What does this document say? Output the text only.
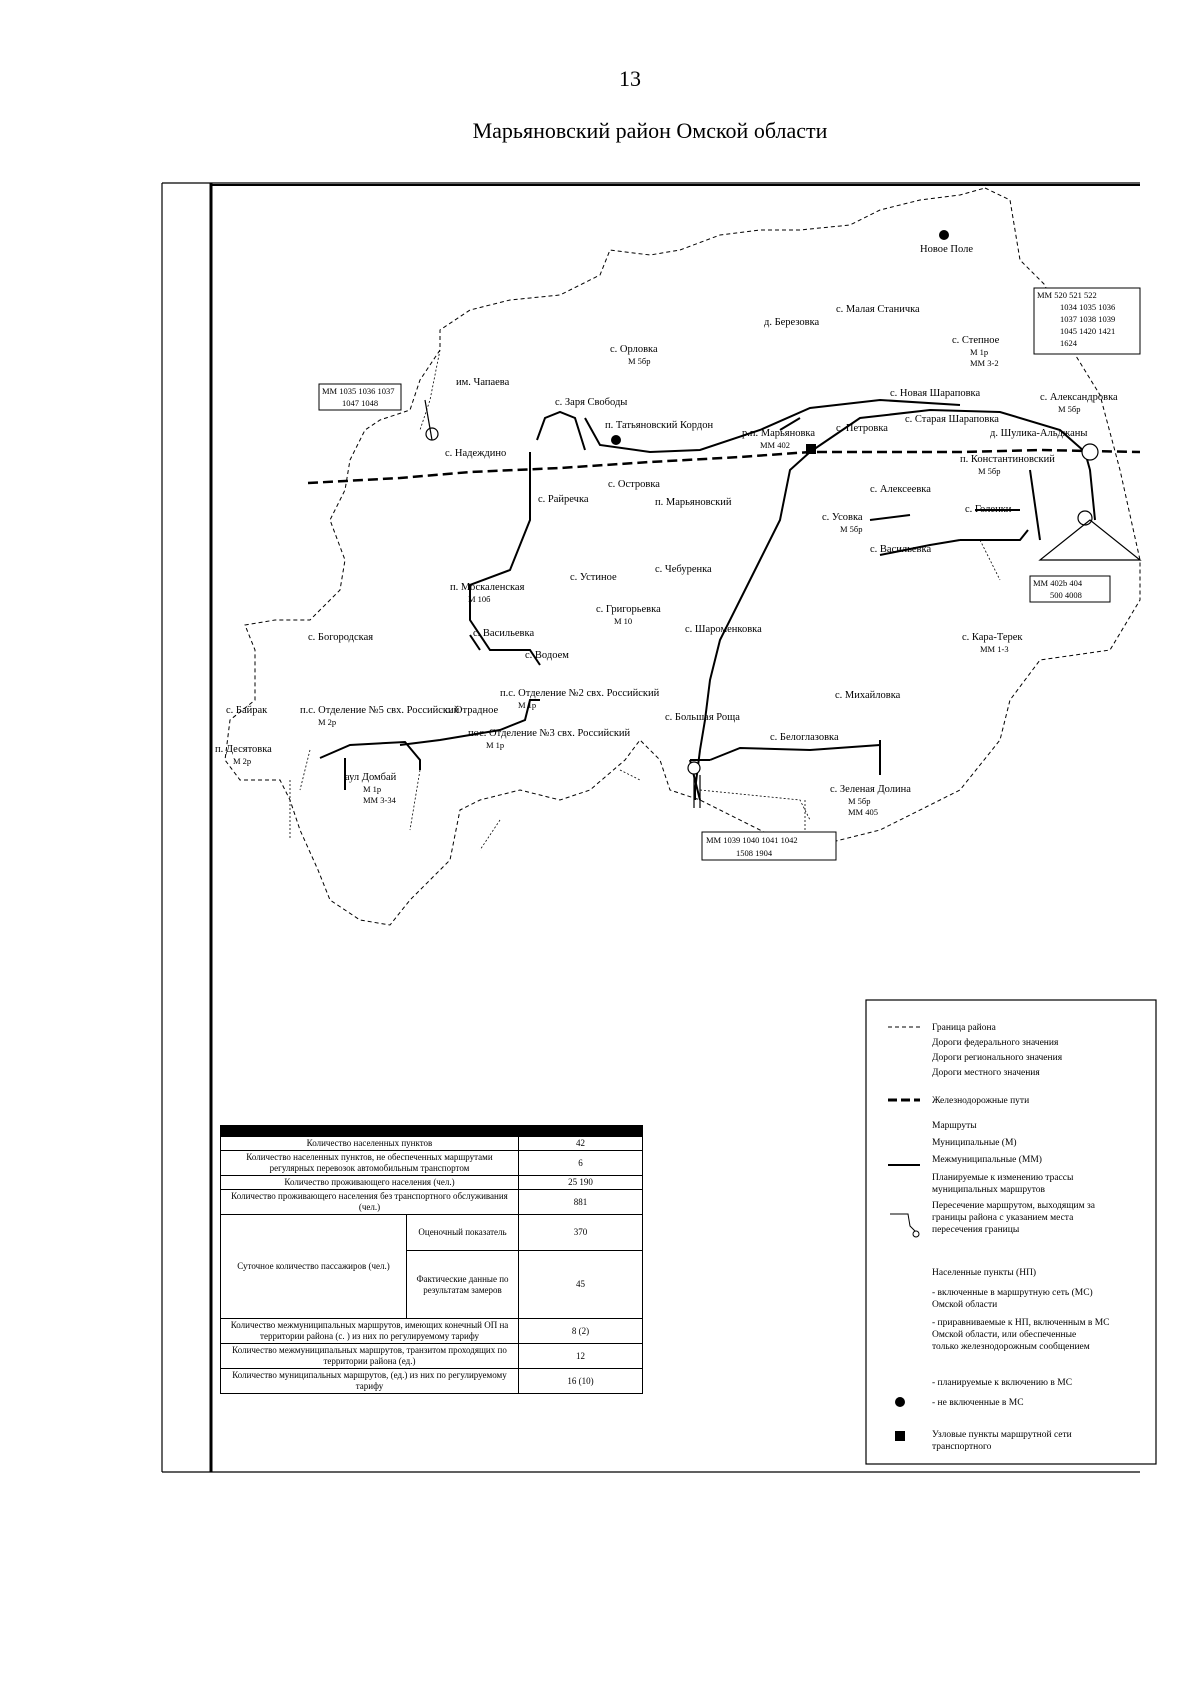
13
Марьяновский район Омской области
ММ 1035 1036 1037
1047 1048
ММ 520 521 522
1034 1035 1036
1037 1038 1039
1045 1420 1421
1624
ММ 402b 404
500 4008
ММ 1039 1040 1041 1042
1508 1904
Новое Поле
с. Малая Станичка
д. Березовка
с. Орловка
М 5бр
с. Степное
М 1р
ММ 3-2
им. Чапаева
с. Заря Свободы
с. Новая Шараповка	с. Александровка
М 5бр
п. Татьяновский Кордон
р.п. Марьяновка
ММ 402
с. Петровка
с. Старая Шараповка
д. Шулика-Альджаны
с. Надеждино
п. Константиновский
М 5бр
с. Островка
с. Райречка	п. Марьяновский
с. Алексеевка
с. Усовка
М 5бр
с. Голенки
с. Васильевка
с. Чебуренка
п. Москаленская
М 10б
с. Устиное
с. Григорьевка
М 10
с. Шароменковка
с. Кара-Терек
ММ 1-3
с. Богородская	с. Васильевка
с. Водоем
п.с. Отделение №2 свх. Российский
М 1р
с. Михайловка
с. Байрак	п.с. Отделение №5 свх. Российский
М 2р
с. Отрадное
с. Большая Роща
пос. Отделение №3 свх. Российский
М 1р
п. Десятовка
М 2р
с. Белоглазовка
аул Домбай
М 1р
ММ 3-34
с. Зеленая Долина
М 5бр
ММ 405
Граница района
Дороги федерального значения
Дороги регионального значения
Дороги местного значения
Железнодорожные пути
Маршруты
Муниципальные (М)
Межмуниципальные (ММ)
Планируемые к изменению трассы муниципальных маршрутов
Пересечение маршрутом, выходящим за границы района с указанием места пересечения границы
Населенные пункты (НП)
- включенные в маршрутную сеть (МС) Омской области
- приравниваемые к НП, включенным в МС Омской области, или обеспеченные только железнодорожным сообщением
- планируемые к включению в МС
- не включенные в МС
Узловые пункты маршрутной сети транспортного

Количество населенных пунктов		42
Количество населенных пунктов, не обеспеченных маршрутами регулярных перевозок автомобильным транспортом		6
Количество проживающего населения (чел.)		25 190
Количество проживающего населения без транспортного обслуживания (чел.)		881
Суточное количество пассажиров (чел.)	Оценочный показатель	370
	Фактические данные по результатам замеров	45
Количество межмуниципальных маршрутов, имеющих конечный ОП на территории района (с. ) из них по регулируемому тарифу		8 (2)
Количество межмуниципальных маршрутов, транзитом проходящих по территории района (ед.)		12
Количество муниципальных маршрутов, (ед.) из них по регулируемому тарифу		16 (10)
